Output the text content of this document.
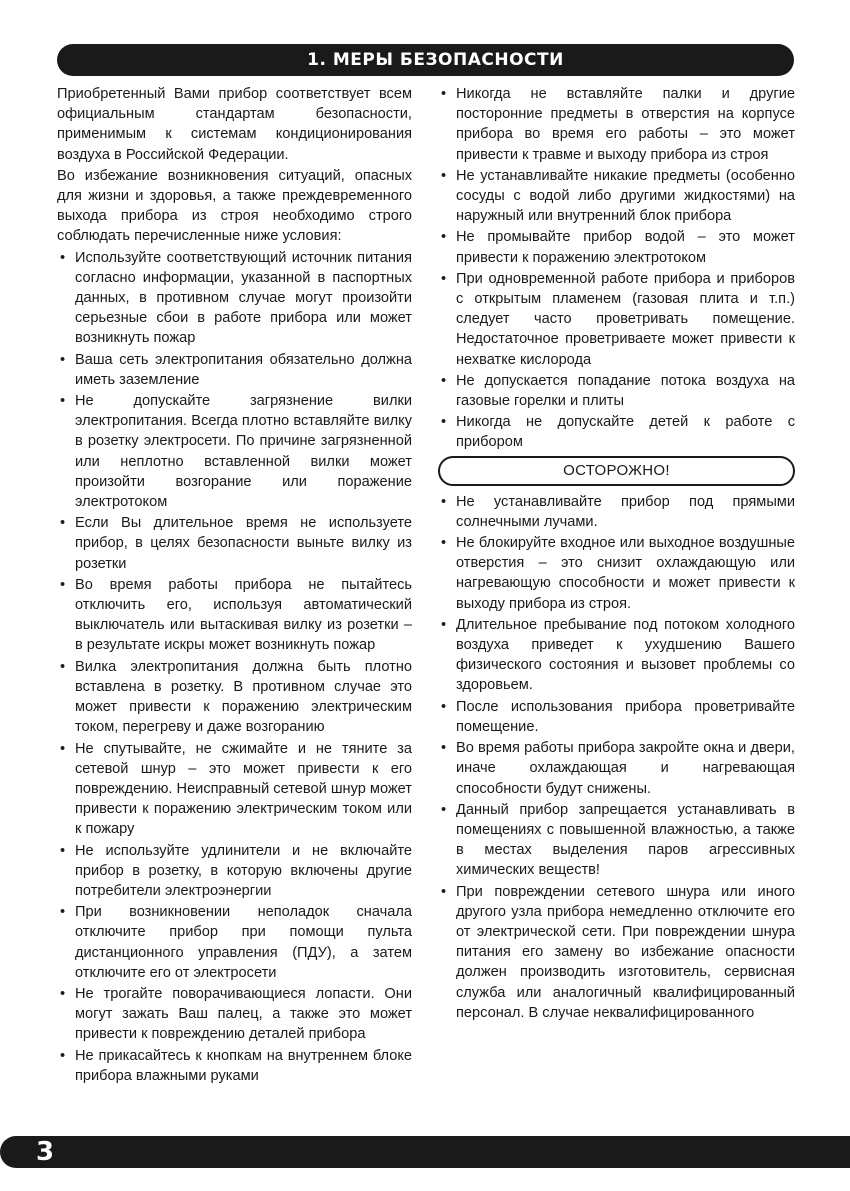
1. МЕРЫ БЕЗОПАСНОСТИ

Приобретенный Вами прибор соответствует всем официальным стандартам безопасности, применимым к системам кондиционирования воздуха в Российской Федерации.

Во избежание возникновения ситуаций, опасных для жизни и здоровья, а также преждевременного выхода прибора из строя необходимо строго соблюдать перечисленные ниже условия:

• Используйте соответствующий источник питания согласно информации, указанной в паспортных данных, в противном случае могут произойти серьезные сбои в работе прибора или может возникнуть пожар
• Ваша сеть электропитания обязательно должна иметь заземление
• Не допускайте загрязнение вилки электропитания. Всегда плотно вставляйте вилку в розетку электросети. По причине загрязненной или неплотно вставленной вилки может произойти возгорание или поражение электротоком
• Если Вы длительное время не используете прибор, в целях безопасности выньте вилку из розетки
• Во время работы прибора не пытайтесь отключить его, используя автоматический выключатель или вытаскивая вилку из розетки – в результате искры может возникнуть пожар
• Вилка электропитания должна быть плотно вставлена в розетку. В противном случае это может привести к поражению электрическим током, перегреву и даже возгоранию
• Не спутывайте, не сжимайте и не тяните за сетевой шнур – это может привести к его повреждению. Неисправный сетевой шнур может привести к поражению электрическим током или к пожару
• Не используйте удлинители и не включайте прибор в розетку, в которую включены другие потребители электроэнергии
• При возникновении неполадок сначала отключите прибор при помощи пульта дистанционного управления (ПДУ), а затем отключите его от электросети
• Не трогайте поворачивающиеся лопасти. Они могут зажать Ваш палец, а также это может привести к повреждению деталей прибора
• Не прикасайтесь к кнопкам на внутреннем блоке прибора влажными руками
• Никогда не вставляйте палки и другие посторонние предметы в отверстия на корпусе прибора во время его работы – это может привести к травме и выходу прибора из строя
• Не устанавливайте никакие предметы (особенно сосуды с водой либо другими жидкостями) на наружный или внутренний блок прибора
• Не промывайте прибор водой – это может привести к поражению электротоком
• При одновременной работе прибора и приборов с открытым пламенем (газовая плита и т.п.) следует часто проветривать помещение. Недостаточное проветриваете может привести к нехватке кислорода
• Не допускается попадание потока воздуха на газовые горелки и плиты
• Никогда не допускайте детей к работе с прибором
ОСТОРОЖНО!
• Не устанавливайте прибор под прямыми солнечными лучами.
• Не блокируйте входное или выходное воздушные отверстия – это снизит охлаждающую или нагревающую способности и может привести к выходу прибора из строя.
• Длительное пребывание под потоком холодного воздуха приведет к ухудшению Вашего физического состояния и вызовет проблемы со здоровьем.
• После использования прибора проветривайте помещение.
• Во время работы прибора закройте окна и двери, иначе охлаждающая и нагревающая способности будут снижены.
• Данный прибор запрещается устанавливать в помещениях с повышенной влажностью, а также в местах выделения паров агрессивных химических веществ!
• При повреждении сетевого шнура или иного другого узла прибора немедленно отключите его от электрической сети. При повреждении шнура питания его замену во избежание опасности должен производить изготовитель, сервисная служба или аналогичный квалифицированный персонал. В случае неквалифицированного
3
